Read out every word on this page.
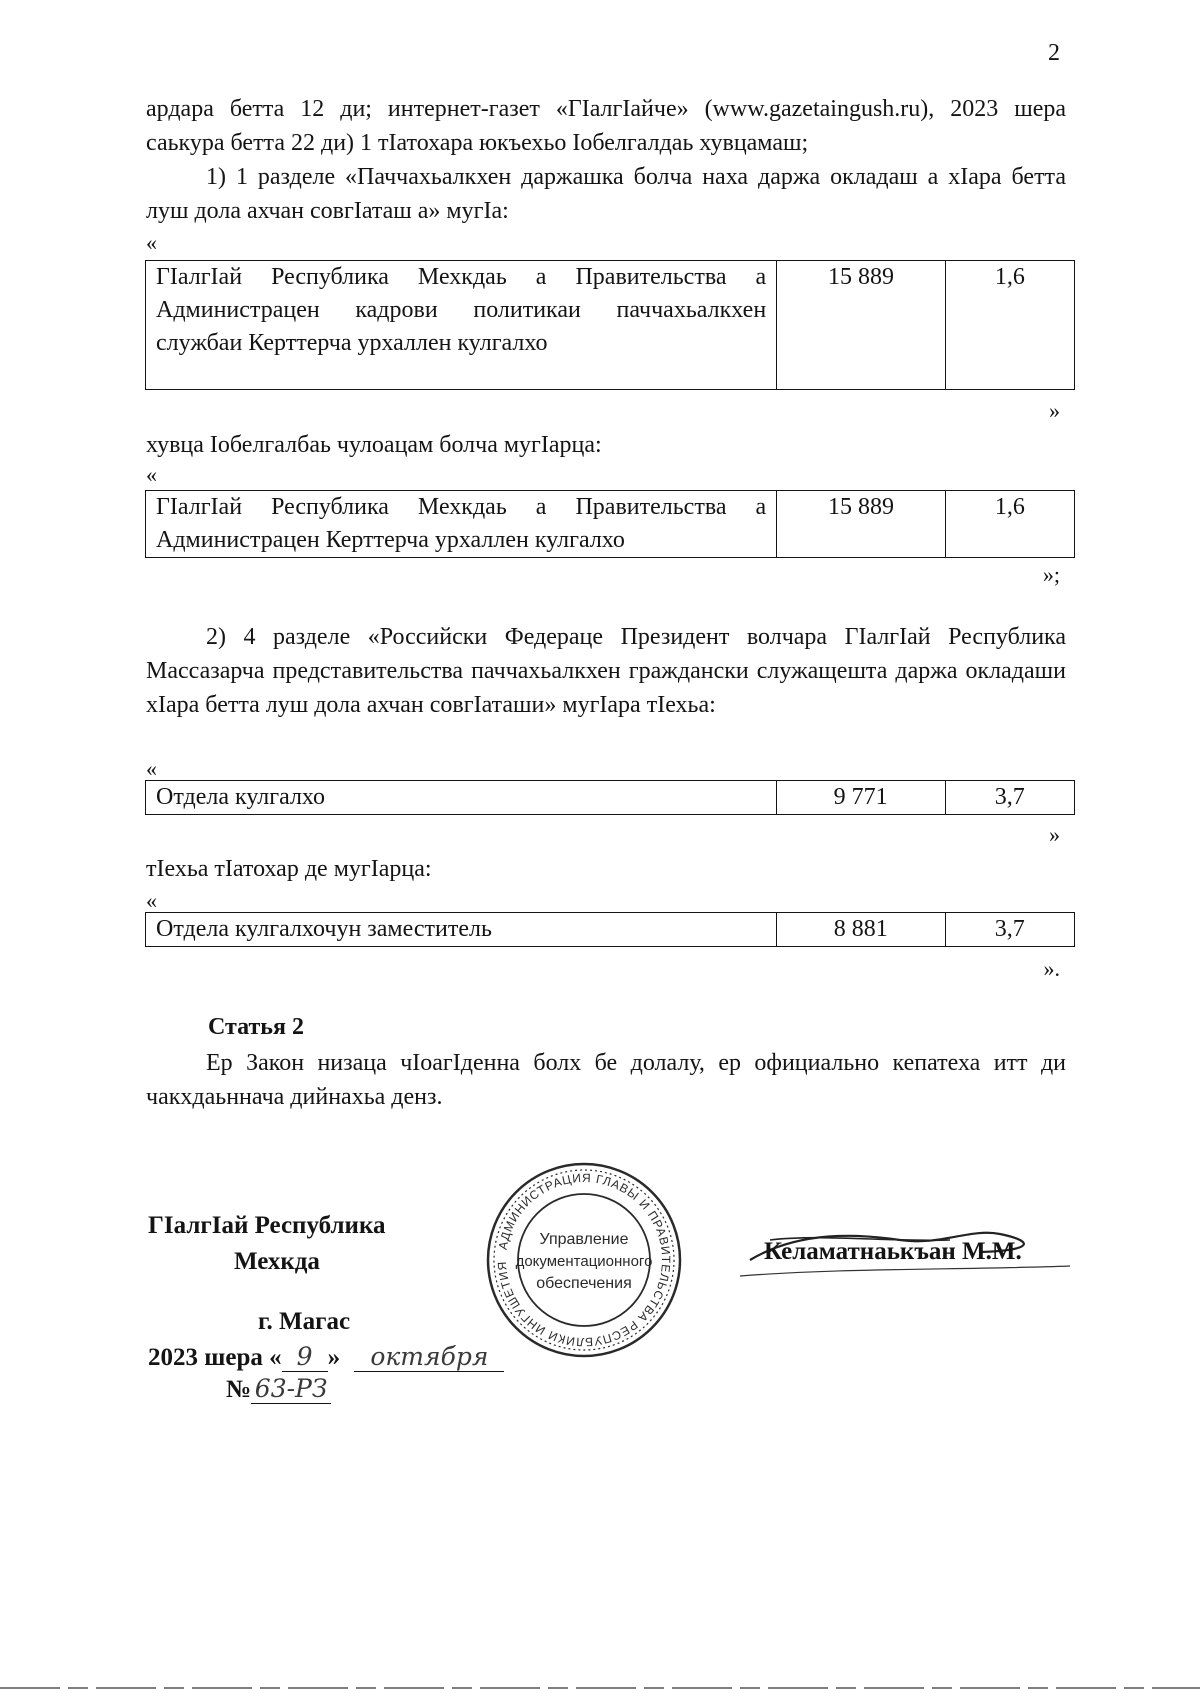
2
ардара бетта 12 ди; интернет-газет «ГІалгІайче» (www.gazetaingush.ru), 2023 шера саькура бетта 22 ди) 1 тІатохара юкъехьо Іобелгалдаь хувцамаш;
1) 1 разделе «Паччахьалкхен даржашка болча наха даржа окладаш а хІара бетта луш дола ахчан совгІаташ а» мугІа:
«
ГІалгІай Республика Мехкдаь а Правительства а Администрацен кадрови политикаи паччахьалкхен службаи Керттерча урхаллен кулгалхо	15 889	1,6
»
хувца Іобелгалбаь чулоацам болча мугІарца:
«
ГІалгІай Республика Мехкдаь а Правительства а Администрацен Керттерча урхаллен кулгалхо	15 889	1,6
»;
2) 4 разделе «Российски Федераце Президент волчара ГІалгІай Республика Массазарча представительства паччахьалкхен граждански служащешта даржа окладаши хІара бетта луш дола ахчан совгІаташи» мугІара тІехьа:
«
Отдела кулгалхо	9 771	3,7
»
тІехьа тІатохар де мугІарца:
«
Отдела кулгалхочун заместитель	8 881	3,7
».
Статья 2
Ер Закон низаца чІоагІденна болх бе долалу, ер официально кепатеха итт ди чакхдаьннача дийнахьа денз.
ГІалгІай Республика
Мехкда	Келаматнаькъан М.М.
АДМИНИСТРАЦИЯ ГЛАВЫ И ПРАВИТЕЛЬСТВА РЕСПУБЛИКИ ИНГУШЕТИЯ
Управление
документационного
обеспечения
г. Магас
2023 шера « 9 » октября
№ 63-РЗ
